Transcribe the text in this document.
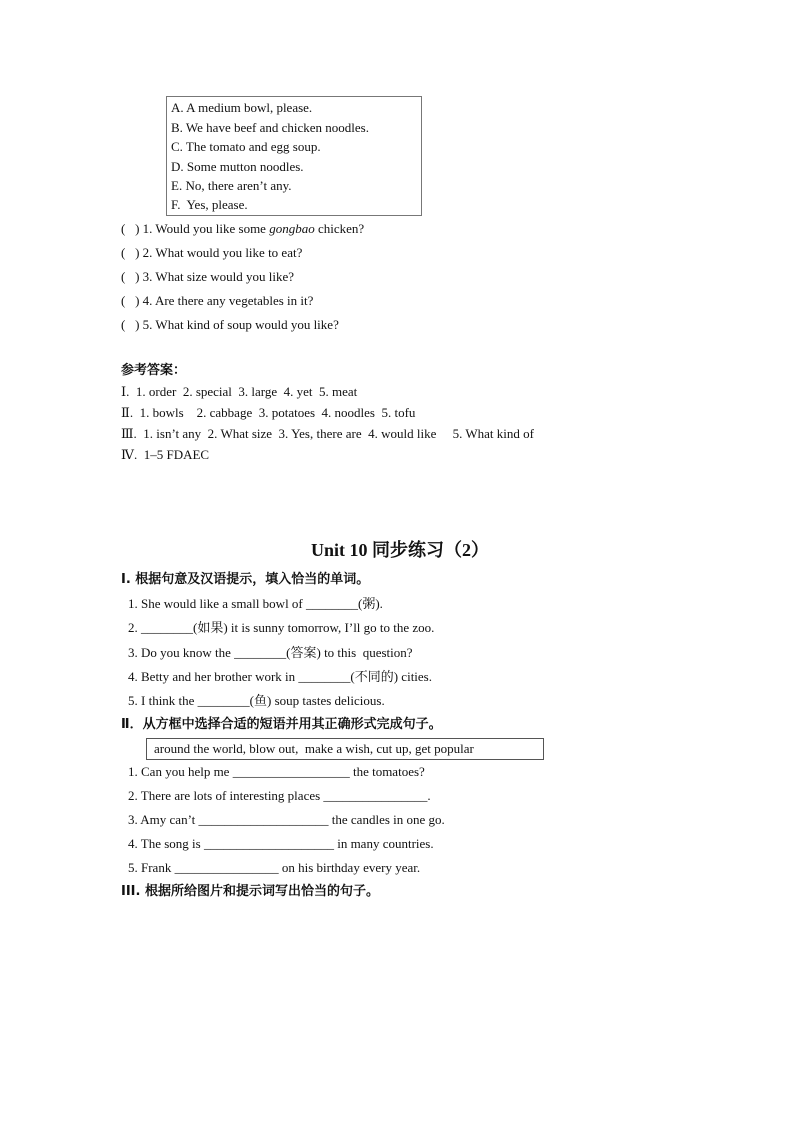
A. A medium bowl, please.
B. We have beef and chicken noodles.
C. The tomato and egg soup.
D. Some mutton noodles.
E. No, there aren’t any.
F.  Yes, please.
(   ) 1. Would you like some gongbao chicken?
(   ) 2. What would you like to eat?
(   ) 3. What size would you like?
(   ) 4. Are there any vegetables in it?
(   ) 5. What kind of soup would you like?
参考答案：
Ⅰ.  1. order  2. special  3. large  4. yet  5. meat
Ⅱ.  1. bowls    2. cabbage  3. potatoes  4. noodles  5. tofu
Ⅲ.  1. isn’t any  2. What size  3. Yes, there are  4. would like     5. What kind of
Ⅳ.  1–5 FDAEC
Unit 10 同步练习（2）
I. 根据句意及汉语提示，填入恰当的单词。
1. She would like a small bowl of ________(粥).
2. ________(如果) it is sunny tomorrow, I’ll go to the zoo.
3. Do you know the ________(答案) to this  question?
4. Betty and her brother work in ________(不同的) cities.
5. I think the ________(鱼) soup tastes delicious.
Ⅱ．从方框中选择合适的短语并用其正确形式完成句子。
around the world, blow out,  make a wish, cut up, get popular
1. Can you help me __________________ the tomatoes?
2. There are lots of interesting places ________________.
3. Amy can’t ____________________ the candles in one go.
4. The song is ____________________ in many countries.
5. Frank ________________ on his birthday every year.
III. 根据所给图片和提示词写出恰当的句子。
